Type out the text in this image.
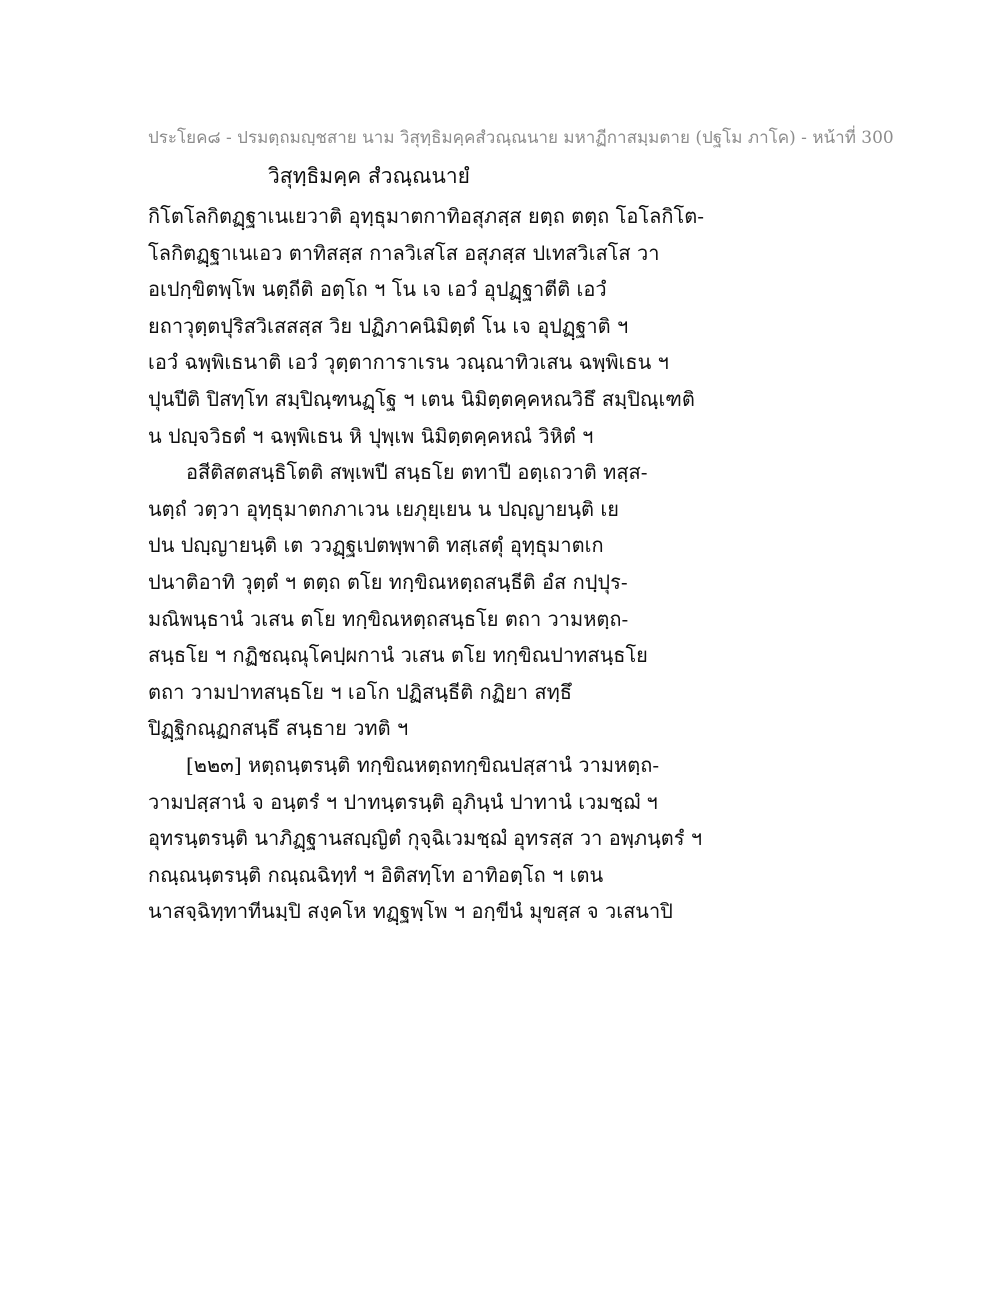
ประโยค๘ - ปรมตฺถมญฺชสาย นาม วิสุทฺธิมคฺคสํวณฺณนาย มหาฏีกาสมฺมตาย (ปฐโม ภาโค) - หน้าที่ 300
วิสุทฺธิมคฺค สํวณฺณนายํ
กิโตโลกิตฏฺฐาเนเยวาติ อุทฺธุมาตกาทิอสุภสฺส ยตฺถ ตตฺถ โอโลกิโต-
โลกิตฏฺฐาเนเอว ตาทิสสฺส กาลวิเสโส อสุภสฺส ปเทสวิเสโส วา
อเปกฺขิตพฺโพ นตฺถีติ อตฺโถ ฯ โน เจ เอวํ อุปฏฺฐาตีติ เอวํ
ยถาวุตฺตปุริสวิเสสสฺส วิย ปฏิภาคนิมิตฺตํ โน เจ อุปฏฺฐาติ ฯ
เอวํ ฉพฺพิเธนาติ เอวํ วุตฺตาการาเรน วณฺณาทิวเสน ฉพฺพิเธน ฯ
ปุนปีติ ปิสทฺโท สมฺปิณฺฑนฏฺโฐ ฯ เตน นิมิตฺตคฺคหณวิธึ สมฺปิณฺเฑติ
น ปญฺจวิธตํ ฯ ฉพฺพิเธน หิ ปุพฺเพ นิมิตฺตคฺคหณํ วิหิตํ ฯ
อสีติสตสนฺธิโตติ สพฺเพปี สนฺธโย ตทาปี อตฺเถวาติ ทสฺส-
นตฺถํ วตฺวา อุทฺธุมาตกภาเวน เยภุยฺเยน น ปญฺญายนฺติ เย
ปน ปญฺญายนฺติ เต ววฏฺฐเปตพฺพาติ ทสฺเสตุํ อุทฺธุมาตเก
ปนาติอาทิ วุตฺตํ ฯ ตตฺถ ตโย ทกฺขิณหตฺถสนฺธีติ อํส กปฺปุร-
มณิพนฺธานํ วเสน ตโย ทกฺขิณหตฺถสนฺธโย ตถา วามหตฺถ-
สนฺธโย ฯ กฏิชณฺณุโคปฺผกานํ วเสน ตโย ทกฺขิณปาทสนฺธโย
ตถา วามปาทสนฺธโย ฯ เอโก ปฏิสนฺธีติ กฏิยา สทฺธึ
ปิฏฺฐิกณฺฏกสนฺธึ สนฺธาย วทติ ฯ
[๒๒๓] หตฺถนฺตรนฺติ ทกฺขิณหตฺถทกฺขิณปสฺสานํ วามหตฺถ-
วามปสฺสานํ จ อนฺตรํ ฯ ปาทนฺตรนฺติ อุภินฺนํ ปาทานํ เวมชฺฌํ ฯ
อุทรนฺตรนฺติ นาภิฏฺฐานสญฺญิตํ กุจฺฉิเวมชฺฌํ อุทรสฺส วา อพฺภนฺตรํ ฯ
กณฺณนฺตรนฺติ กณฺณฉิทฺทํ ฯ อิติสทฺโท อาทิอตฺโถ ฯ เตน
นาสจฺฉิทฺทาทีนมฺปิ สงฺคโห ทฏฺฐพฺโพ ฯ อกฺขีนํ มุขสฺส จ วเสนาปิ
